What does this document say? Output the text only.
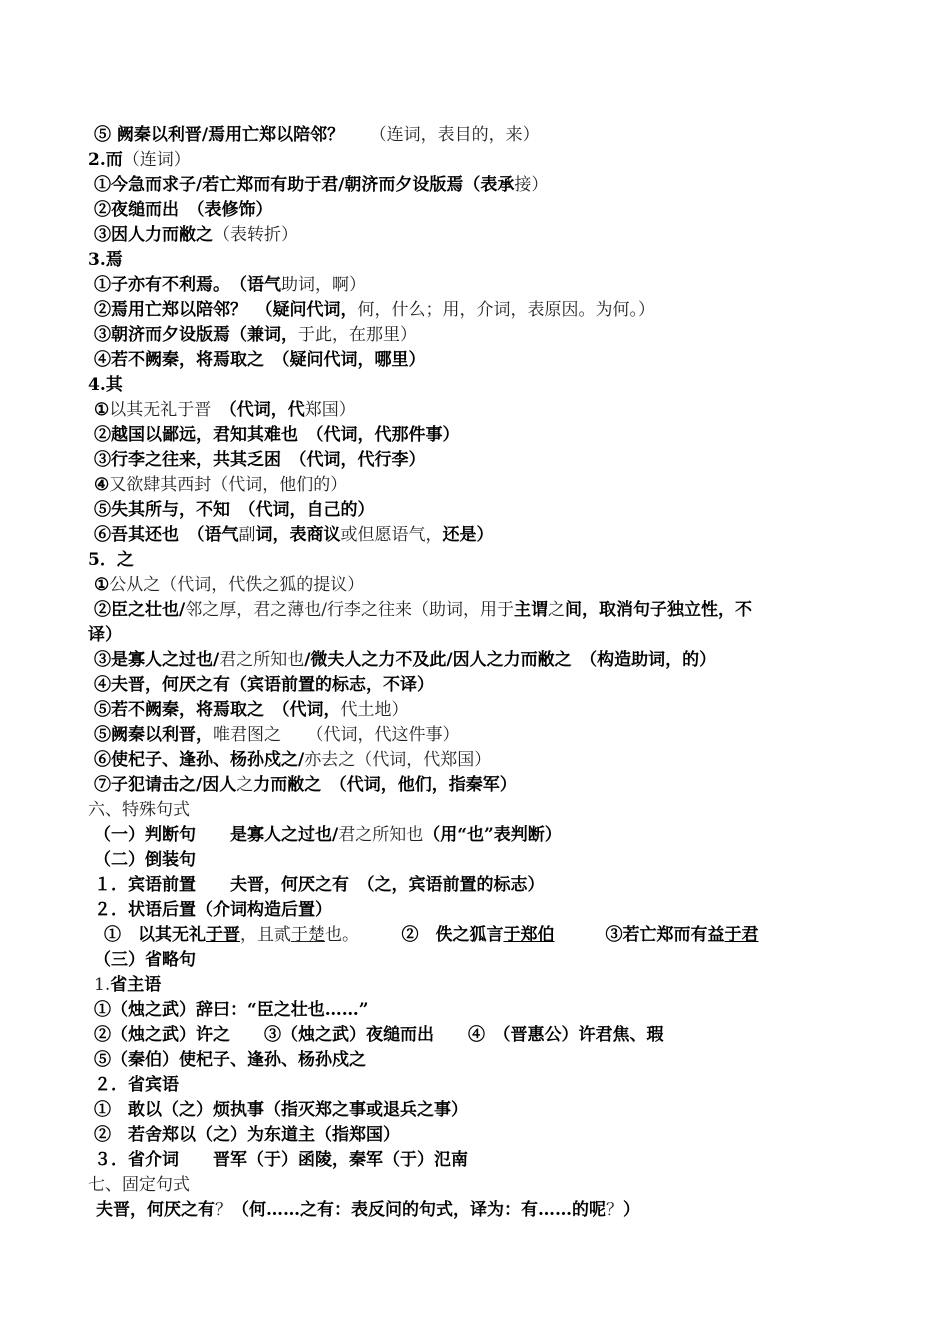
⑤ 阙秦以利晋/焉用亡郑以陪邻？　　（连词，表目的，来）
2.而（连词）
①今急而求子/若亡郑而有助于君/朝济而夕设版焉（表承接）
②夜缒而出　（表修饰）
③因人力而敝之（表转折）
3.焉
①子亦有不利焉。　（语气助词，啊）
②焉用亡郑以陪邻？　（疑问代词，何，什么；用，介词，表原因。为何。）
③朝济而夕设版焉（兼词，于此，在那里）
④若不阙秦，将焉取之　（疑问代词，哪里）
4.其
①以其无礼于晋　（代词，代郑国）
②越国以鄙远，君知其难也　（代词，代那件事）
③行李之往来，共其乏困　（代词，代行李）
④又欲肆其西封（代词，他们的）
⑤失其所与，不知　（代词，自己的）
⑥吾其还也　（语气副词，表商议或但愿语气，还是）
5．之
①公从之（代词，代佚之狐的提议）
②臣之壮也/邻之厚，君之薄也/行李之往来（助词，用于主谓之间，取消句子独立性，不
译）
③是寡人之过也/君之所知也/微夫人之力不及此/因人之力而敝之　（构造助词，的）
④夫晋，何厌之有（宾语前置的标志，不译）
⑤若不阙秦，将焉取之　（代词，代土地）
⑤阙秦以利晋，唯君图之　　 （代词，代这件事）
⑥使杞子、逢孙、杨孙戍之/亦去之（代词，代郑国）
⑦子犯请击之/因人之力而敝之　（代词，他们，指秦军）
六、特殊句式
（一）判断句　　是寡人之过也/君之所知也（用“也”表判断）
（二）倒装句
１．宾语前置　　夫晋，何厌之有　（之，宾语前置的标志）
２．状语后置（介词构造后置）
①　以其无礼于晋，且贰于楚也。　　　②　佚之狐言于郑伯　　　③若亡郑而有益于君
（三）省略句
1.省主语
①（烛之武）辞曰：“臣之壮也……”
②（烛之武）许之　　③（烛之武）夜缒而出　　④　（晋惠公）许君焦、瑕
⑤（秦伯）使杞子、逢孙、杨孙戍之
２．省宾语
①　敢以（之）烦执事（指灭郑之事或退兵之事）
②　若舍郑以（之）为东道主（指郑国）
３．省介词　　晋军（于）函陵，秦军（于）氾南
七、固定句式
夫晋，何厌之有？（何……之有：表反问的句式，译为：有……的呢？）
